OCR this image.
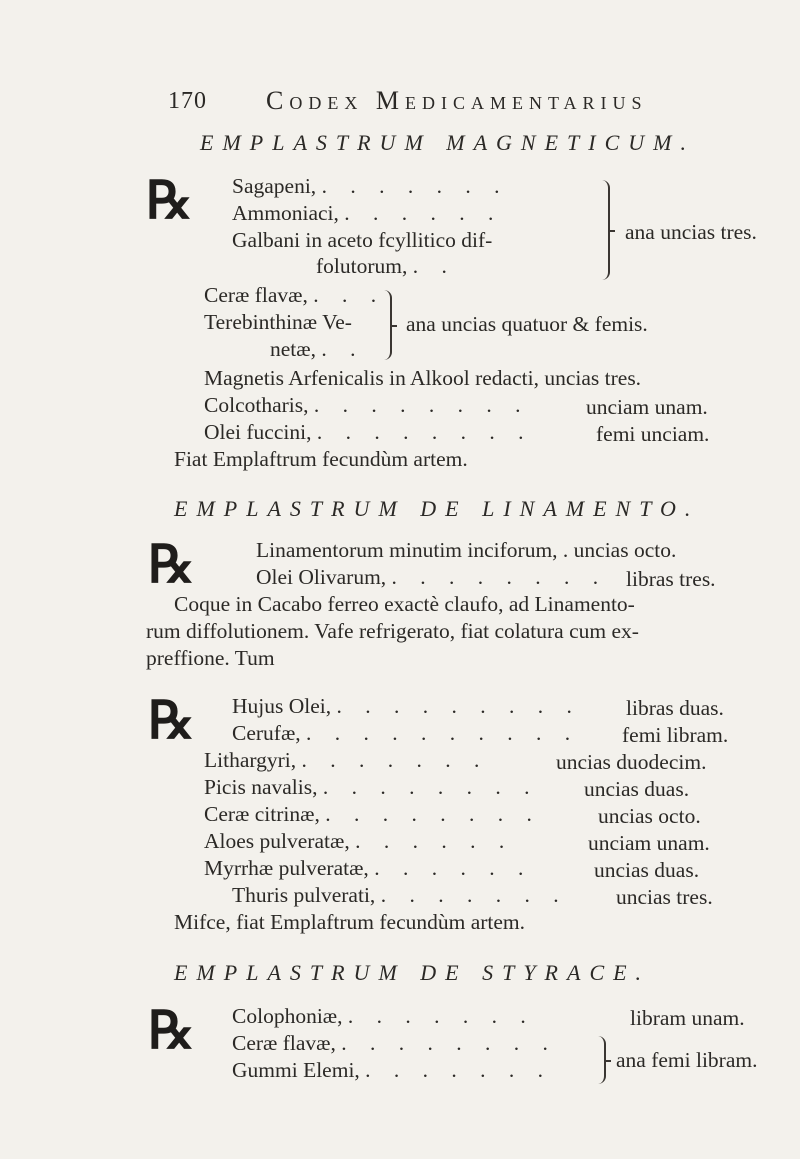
170 Codex Medicamentarius
EMPLASTRUM MAGNETICUM.
℞ Sagapeni, . . . . . . .
Ammoniaci, . . . . . .
Galbani in aceto fcyllitico dif-
folutorum, . .
ana uncias tres.
Ceræ flavæ, . . .
Terebinthinæ Ve-
netæ, . .
ana uncias quatuor & femis.
Magnetis Arfenicalis in Alkool redacti, uncias tres.
Colcotharis, . . . . . . . .	unciam unam.
Olei fuccini, . . . . . . . .	femi unciam.
Fiat Emplaftrum fecundùm artem.
EMPLASTRUM DE LINAMENTO.
℞	Linamentorum minutim inciforum, . uncias octo.
Olei Olivarum, . . . . . . . . libras tres.
Coque in Cacabo ferreo exactè claufo, ad Linamento-
rum diffolutionem. Vafe refrigerato, fiat colatura cum ex-
preffione. Tum
℞ Hujus Olei, . . . . . . . . . libras duas.
Cerufæ, . . . . . . . . . . femi libram.
Lithargyri, . . . . . . .	uncias duodecim.
Picis navalis, . . . . . . . . uncias duas.
Ceræ citrinæ, . . . . . . . .	uncias octo.
Aloes pulveratæ, . . . . . .	unciam unam.
Myrrhæ pulveratæ, . . . . . .	uncias duas.
Thuris pulverati, . . . . . . . uncias tres.
Mifce, fiat Emplaftrum fecundùm artem.
EMPLASTRUM DE STYRACE.
℞ Colophoniæ, . . . . . . .	libram unam.
Ceræ flavæ, . . . . . . . .
Gummi Elemi, . . . . . . .	ana femi libram.
